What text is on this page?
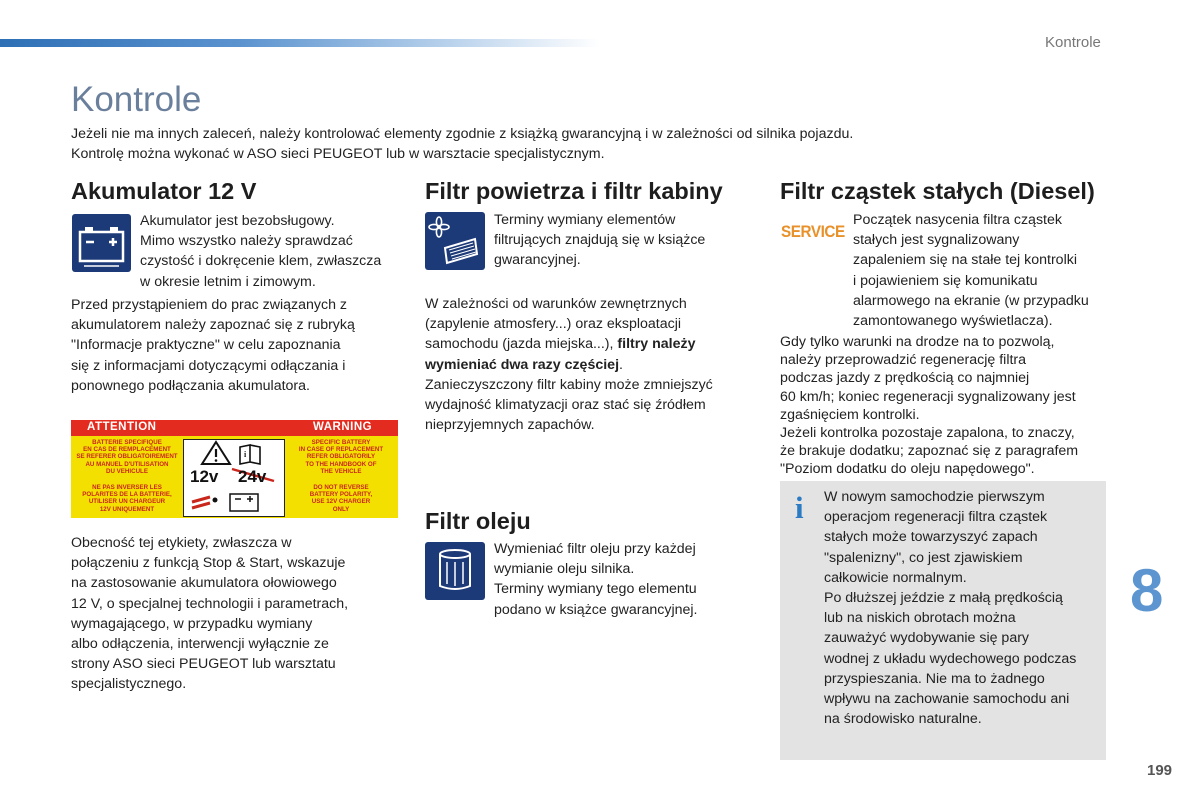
Kontrole
Kontrole
Jeżeli nie ma innych zaleceń, należy kontrolować elementy zgodnie z książką gwarancyjną i w zależności od silnika pojazdu.
Kontrolę można wykonać w ASO sieci PEUGEOT lub w warsztacie specjalistycznym.
Akumulator 12 V
Akumulator jest bezobsługowy.
Mimo wszystko należy sprawdzać
czystość i dokręcenie klem, zwłaszcza
w okresie letnim i zimowym.
Przed przystąpieniem do prac związanych z
akumulatorem należy zapoznać się z rubryką
"Informacje praktyczne" w celu zapoznania
się z informacjami dotyczącymi odłączania i
ponownego podłączania akumulatora.
ATTENTION	WARNING
BATTERIE SPECIFIQUE
EN CAS DE REMPLACEMENT
SE REFERER OBLIGATOIREMENT
AU MANUEL D'UTILISATION
DU VEHICULE
SPECIFIC BATTERY
IN CASE OF REPLACEMENT
REFER OBLIGATORILY
TO THE HANDBOOK OF
THE VEHICLE
NE PAS INVERSER LES
POLARITES DE LA BATTERIE,
UTILISER UN CHARGEUR
12V UNIQUEMENT
DO NOT REVERSE
BATTERY POLARITY,
USE 12V CHARGER
ONLY
i
12v 24v
Obecność tej etykiety, zwłaszcza w
połączeniu z funkcją Stop & Start, wskazuje
na zastosowanie akumulatora ołowiowego
12 V, o specjalnej technologii i parametrach,
wymagającego, w przypadku wymiany
albo odłączenia, interwencji wyłącznie ze
strony ASO sieci PEUGEOT lub warsztatu
specjalistycznego.
Filtr powietrza i filtr kabiny
Terminy wymiany elementów
filtrujących znajdują się w książce
gwarancyjnej.
W zależności od warunków zewnętrznych
(zapylenie atmosfery...) oraz eksploatacji
samochodu (jazda miejska...), filtry należy
wymieniać dwa razy częściej.
Zanieczyszczony filtr kabiny może zmniejszyć
wydajność klimatyzacji oraz stać się źródłem
nieprzyjemnych zapachów.
Filtr oleju
Wymieniać filtr oleju przy każdej
wymianie oleju silnika.
Terminy wymiany tego elementu
podano w książce gwarancyjnej.
Filtr cząstek stałych (Diesel)
SERVICE
Początek nasycenia filtra cząstek
stałych jest sygnalizowany
zapaleniem się na stałe tej kontrolki
i pojawieniem się komunikatu
alarmowego na ekranie (w przypadku
zamontowanego wyświetlacza).
Gdy tylko warunki na drodze na to pozwolą,
należy przeprowadzić regenerację filtra
podczas jazdy z prędkością co najmniej
60 km/h; koniec regeneracji sygnalizowany jest
zgaśnięciem kontrolki.
Jeżeli kontrolka pozostaje zapalona, to znaczy,
że brakuje dodatku; zapoznać się z paragrafem
"Poziom dodatku do oleju napędowego".
i W nowym samochodzie pierwszym
operacjom regeneracji filtra cząstek
stałych może towarzyszyć zapach
"spalenizny", co jest zjawiskiem
całkowicie normalnym.
Po dłuższej jeździe z małą prędkością
lub na niskich obrotach można
zauważyć wydobywanie się pary
wodnej z układu wydechowego podczas
przyspieszania. Nie ma to żadnego
wpływu na zachowanie samochodu ani
na środowisko naturalne.
8
199
